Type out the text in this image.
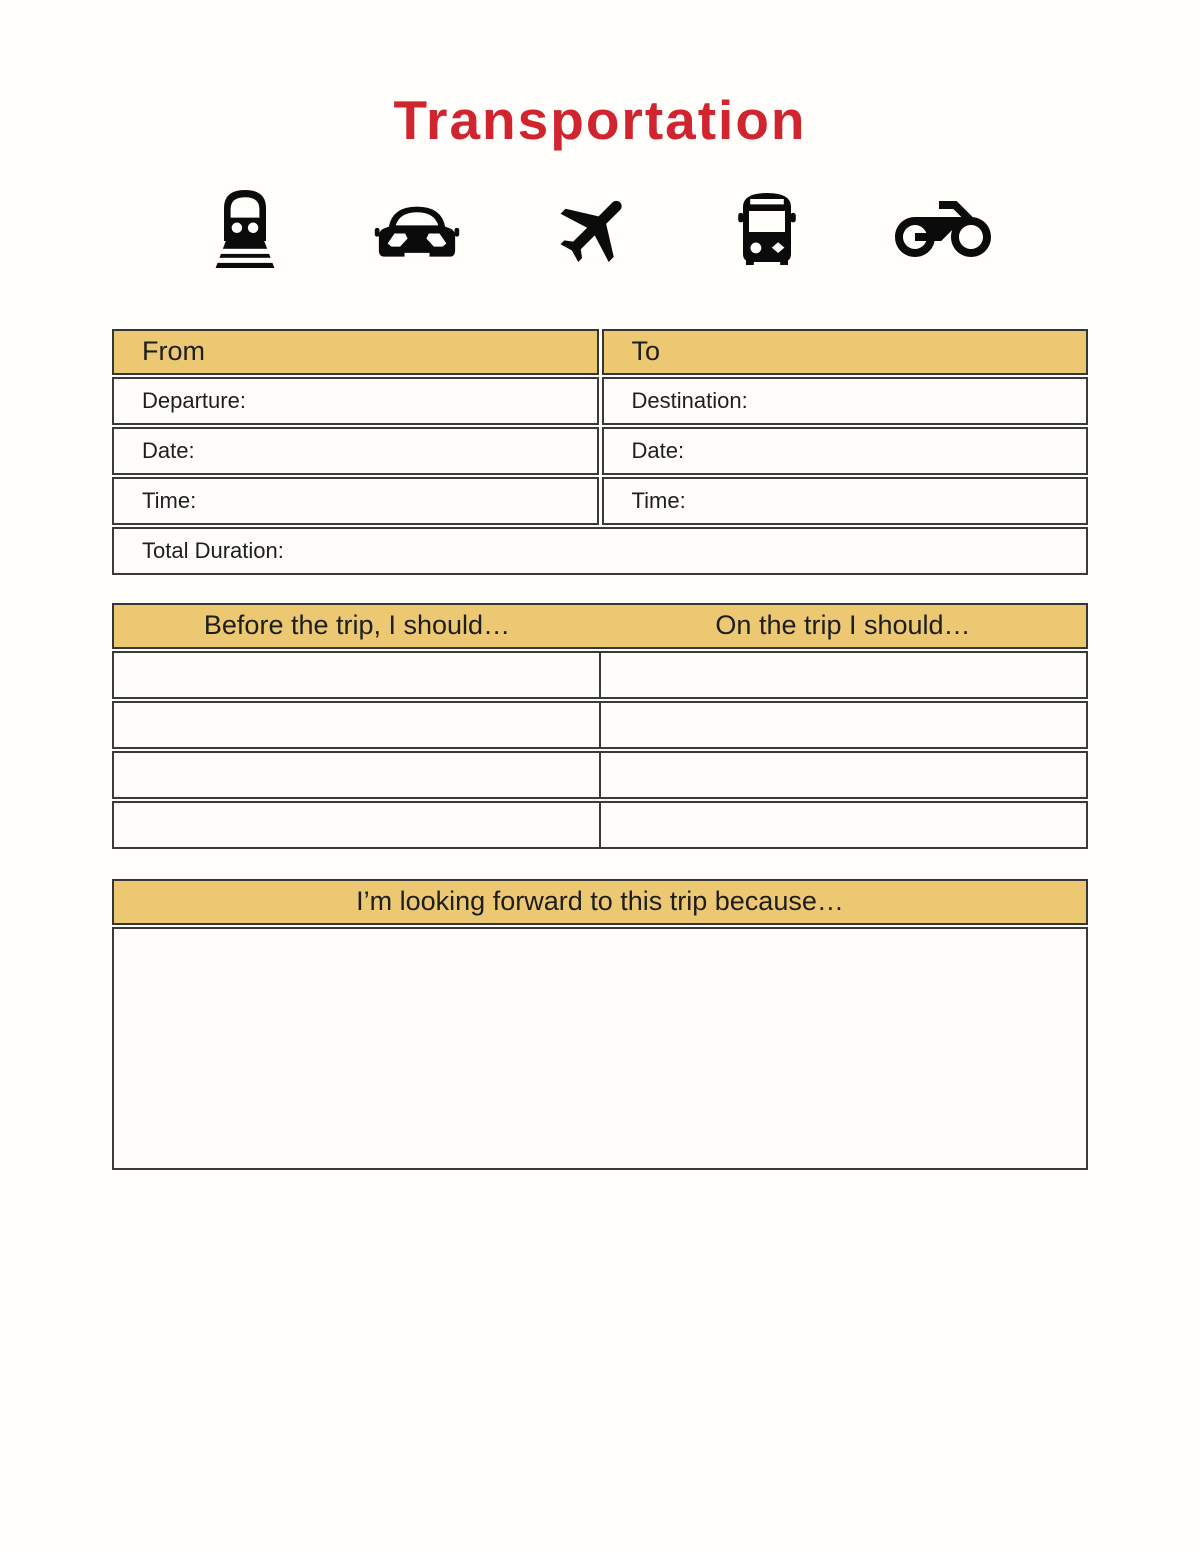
Transportation
From
Departure:
Date:
Time:
To
Destination:
Date:
Time:
Total Duration:
Before the trip, I should…	On the trip I should…
I’m looking forward to this trip because…
